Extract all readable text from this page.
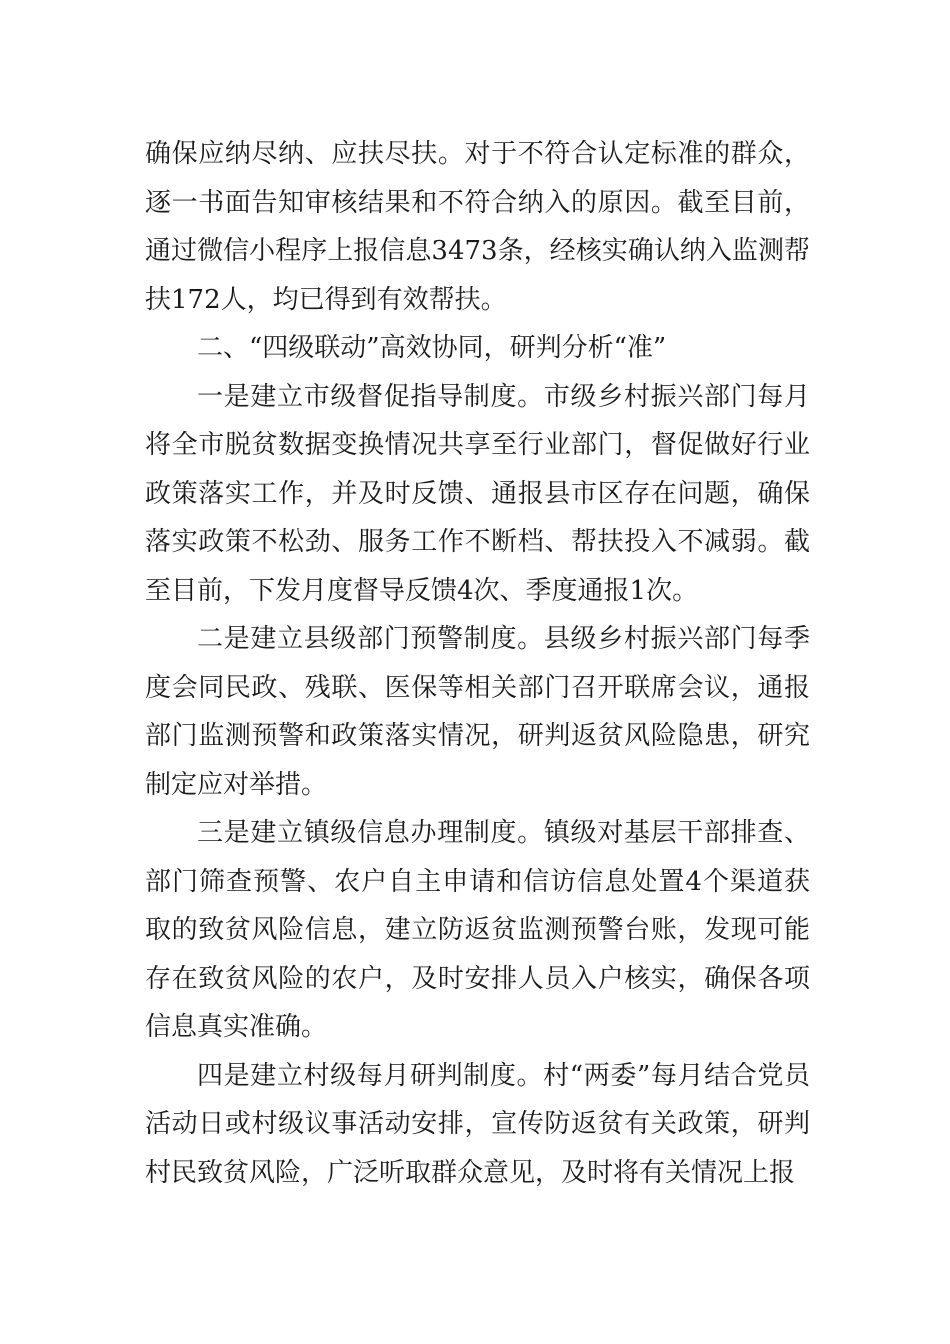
确保应纳尽纳、应扶尽扶。对于不符合认定标准的群众，逐一书面告知审核结果和不符合纳入的原因。截至目前，通过微信小程序上报信息3473条，经核实确认纳入监测帮扶172人，均已得到有效帮扶。

二、“四级联动”高效协同，研判分析“准”

一是建立市级督促指导制度。市级乡村振兴部门每月将全市脱贫数据变换情况共享至行业部门，督促做好行业政策落实工作，并及时反馈、通报县市区存在问题，确保落实政策不松劲、服务工作不断档、帮扶投入不减弱。截至目前，下发月度督导反馈4次、季度通报1次。

二是建立县级部门预警制度。县级乡村振兴部门每季度会同民政、残联、医保等相关部门召开联席会议，通报部门监测预警和政策落实情况，研判返贫风险隐患，研究制定应对举措。

三是建立镇级信息办理制度。镇级对基层干部排查、部门筛查预警、农户自主申请和信访信息处置4个渠道获取的致贫风险信息，建立防返贫监测预警台账，发现可能存在致贫风险的农户，及时安排人员入户核实，确保各项信息真实准确。

四是建立村级每月研判制度。村“两委”每月结合党员活动日或村级议事活动安排，宣传防返贫有关政策，研判村民致贫风险，广泛听取群众意见，及时将有关情况上报
